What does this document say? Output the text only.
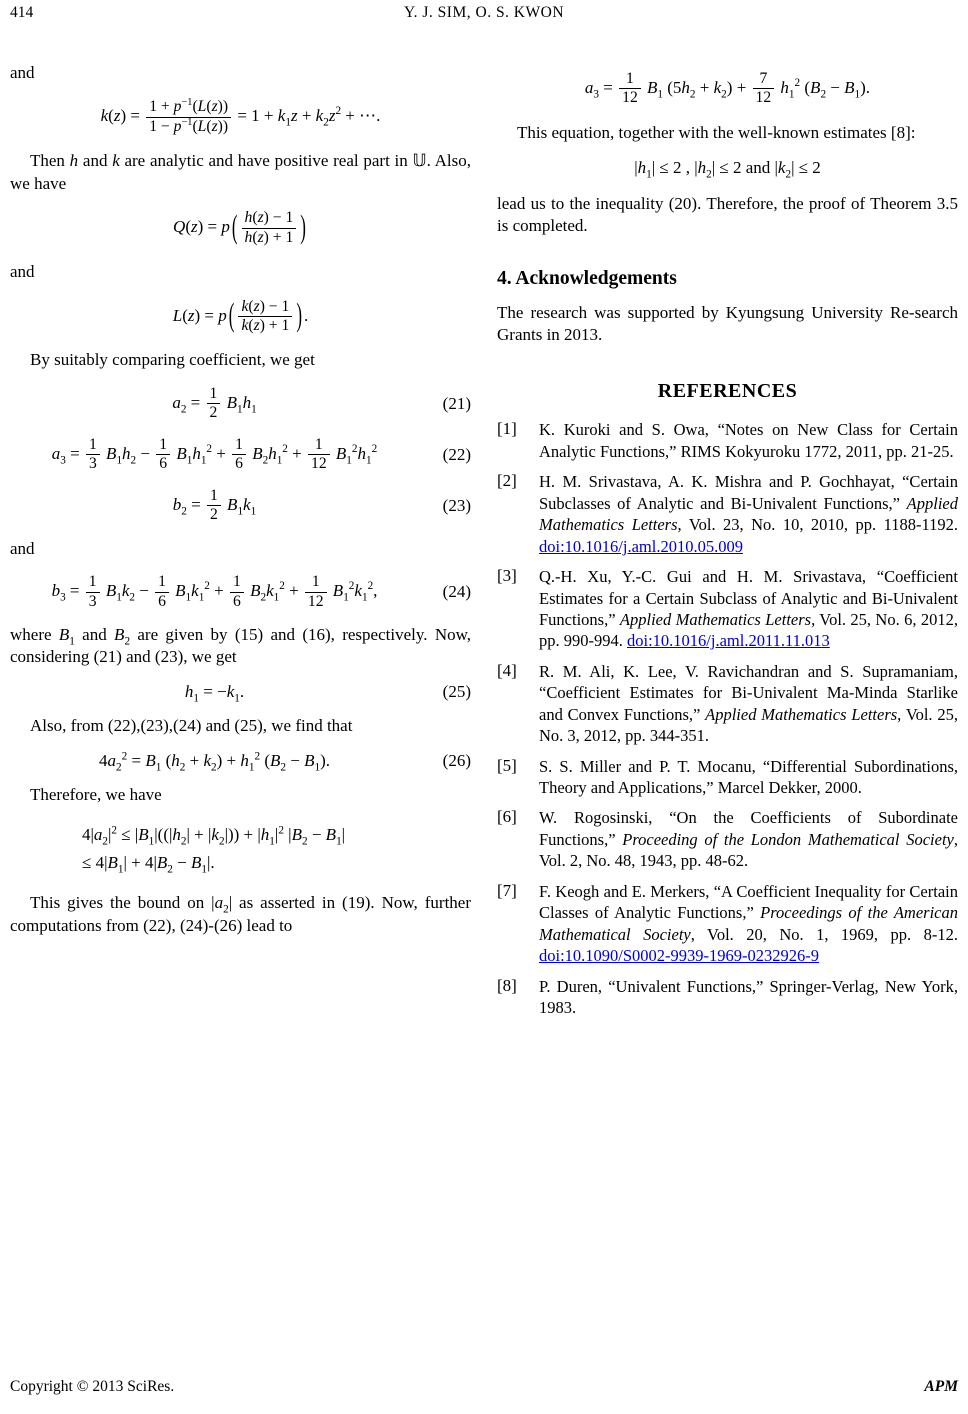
414	Y. J. SIM, O. S. KWON

and

$k(z) = \frac{1 + p^{-1}(L(z))}{1 - p^{-1}(L(z))} = 1 + k_1z + k_2z^2$ + ⋯.

Then h and k are analytic and have positive real part in 𝕌. Also, we have

Q(z) = p ( $\frac{h(z) - 1}{h(z) + 1}$ )

and

L(z) = p ( $\frac{k(z) - 1}{k(z) + 1}$ ) .

By suitably comparing coefficient, we get

$a_2 = \frac{1}{2} B_1h_1$	(21)
$a_3 = \frac{1}{3} B_1h_2 - \frac{1}{6} B_1h_1^2 + \frac{1}{6} B_2h_1^2 + \frac{1}{12} B_1^2h_1^2$	(22)
$b_2 = \frac{1}{2} B_1k_1$	(23)

and

$b_3 = \frac{1}{3} B_1k_2 - \frac{1}{6} B_1k_1^2 + \frac{1}{6} B_2k_1^2 + \frac{1}{12} B_1^2k_1^2$,	(24)

where $B_1$ and $B_2$ are given by (15) and (16), respectively. Now, considering (21) and (23), we get

$h_1 = -k_1$.	(25)

Also, from (22),(23),(24) and (25), we find that

$4a_2^2 = B_1$ $(h_2 + k_2) + h_1^2$ $(B_2 - B_1)$.	(26)

Therefore, we have

$4|a_2|^2 \le |B_1|((|h_2| + |k_2|)) + |h_1|^2$ $|B_2 - B_1|$
≤ $4|B_1| + 4|B_2 - B_1|$.

This gives the bound on $|a_2|$ as asserted in (19). Now, further computations from (22), (24)-(26) lead to

$a_3 = \frac{1}{12} B_1$ $(5h_2 + k_2) + \frac{7}{12} h_1^2$ $(B_2 - B_1)$.

This equation, together with the well-known estimates [8]:

$|h_1| \le 2$ , $|h_2| \le 2$ and $|k_2| \le 2$

lead us to the inequality (20). Therefore, the proof of Theorem 3.5 is completed.

4. Acknowledgements

The research was supported by Kyungsung University Re-search Grants in 2013.

REFERENCES
[1]	K. Kuroki and S. Owa, “Notes on New Class for Certain Analytic Functions,” RIMS Kokyuroku 1772, 2011, pp. 21-25.
[2]	H. M. Srivastava, A. K. Mishra and P. Gochhayat, “Certain Subclasses of Analytic and Bi-Univalent Functions,” Applied Mathematics Letters, Vol. 23, No. 10, 2010, pp. 1188-1192. doi:10.1016/j.aml.2010.05.009
[3]	Q.-H. Xu, Y.-C. Gui and H. M. Srivastava, “Coefficient Estimates for a Certain Subclass of Analytic and Bi-Univalent Functions,” Applied Mathematics Letters, Vol. 25, No. 6, 2012, pp. 990-994. doi:10.1016/j.aml.2011.11.013
[4]	R. M. Ali, K. Lee, V. Ravichandran and S. Supramaniam, “Coefficient Estimates for Bi-Univalent Ma-Minda Starlike and Convex Functions,” Applied Mathematics Letters, Vol. 25, No. 3, 2012, pp. 344-351.
[5]	S. S. Miller and P. T. Mocanu, “Differential Subordinations, Theory and Applications,” Marcel Dekker, 2000.
[6]	W. Rogosinski, “On the Coefficients of Subordinate Functions,” Proceeding of the London Mathematical Society, Vol. 2, No. 48, 1943, pp. 48-62.
[7]	F. Keogh and E. Merkers, “A Coefficient Inequality for Certain Classes of Analytic Functions,” Proceedings of the American Mathematical Society, Vol. 20, No. 1, 1969, pp. 8-12. doi:10.1090/S0002-9939-1969-0232926-9
[8]	P. Duren, “Univalent Functions,” Springer-Verlag, New York, 1983.
Copyright © 2013 SciRes.	APM
